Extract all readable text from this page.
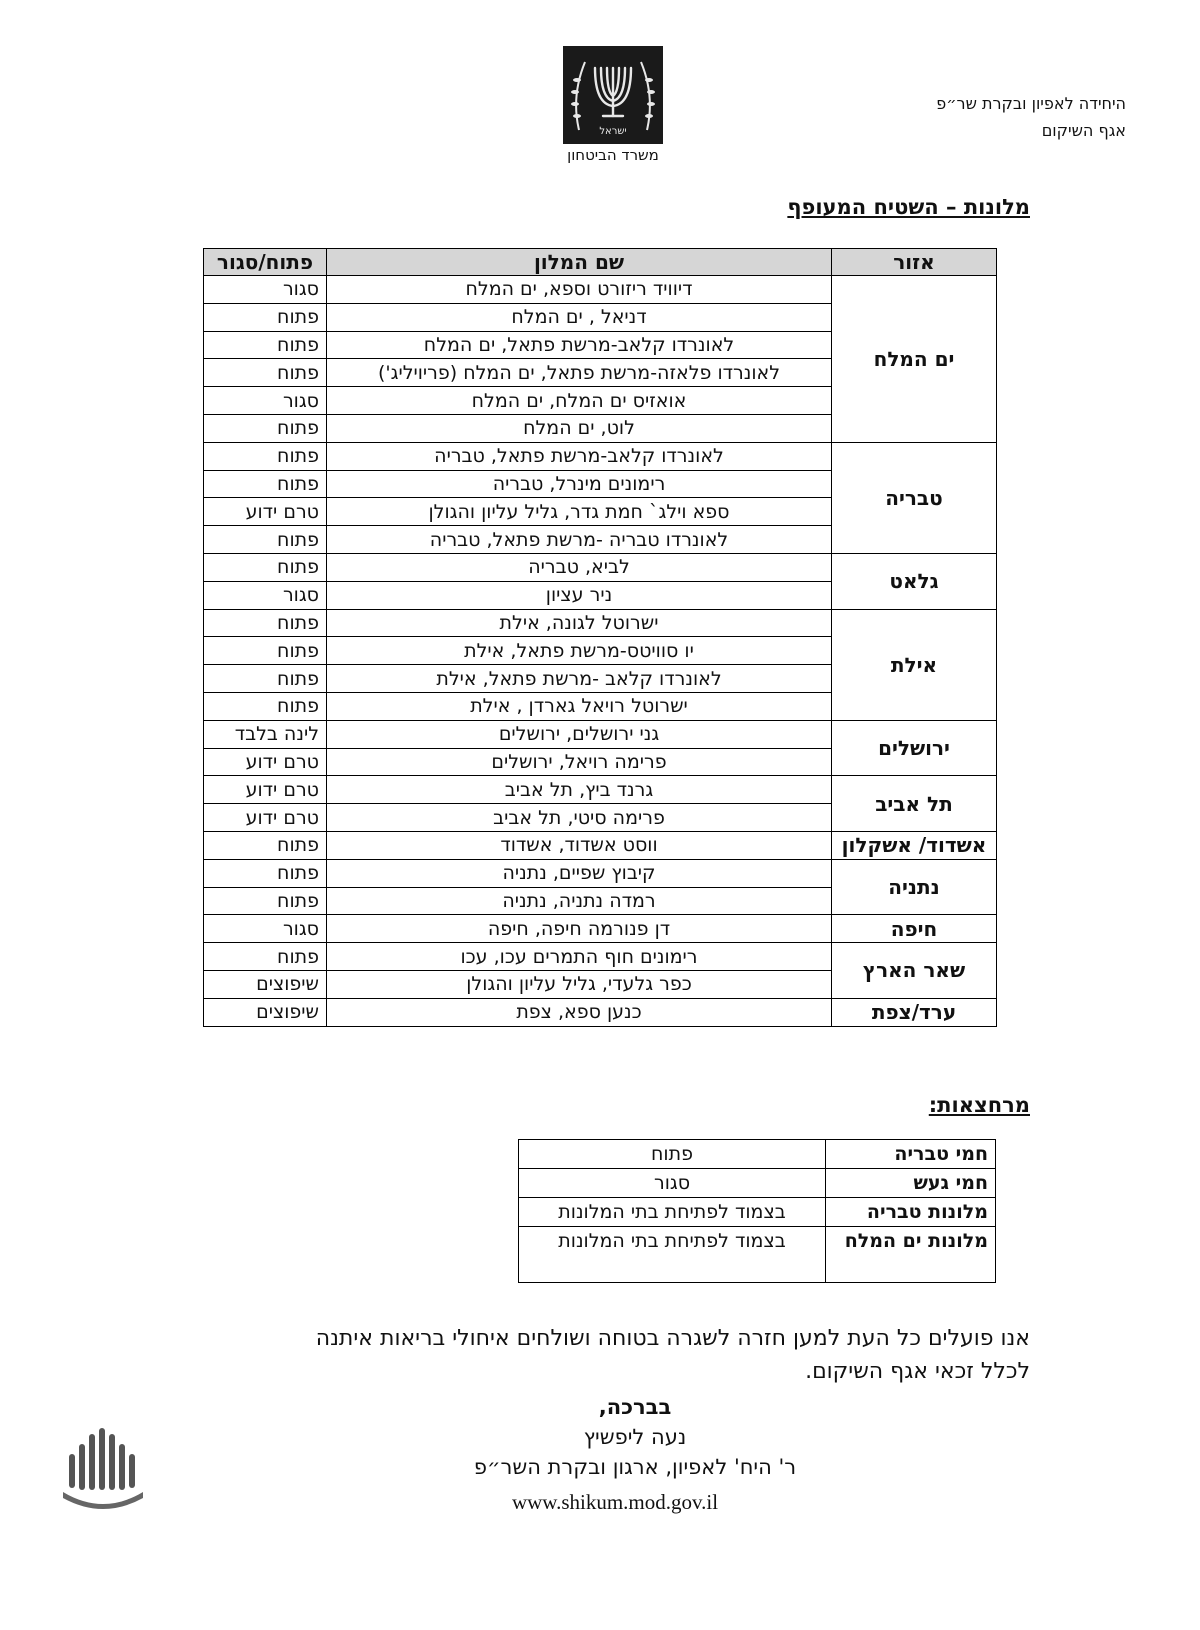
ישראל
משרד הביטחון
היחידה לאפיון ובקרת שר״פ
אגף השיקום
מלונות – השטיח המעופף
אזור	שם המלון	פתוח/סגור
ים המלח	דיוויד ריזורט וספא, ים המלח	סגור
	דניאל , ים המלח	פתוח
	לאונרדו קלאב-מרשת פתאל, ים המלח	פתוח
	לאונרדו פלאזה-מרשת פתאל, ים המלח (פריויליג')	פתוח
	אואזיס ים המלח, ים המלח	סגור
	לוט, ים המלח	פתוח
טבריה	לאונרדו קלאב-מרשת פתאל, טבריה	פתוח
	רימונים מינרל, טבריה	פתוח
	ספא וילג` חמת גדר, גליל עליון והגולן	טרם ידוע
	לאונרדו טבריה -מרשת פתאל, טבריה	פתוח
גלאט	לביא, טבריה	פתוח
	ניר עציון	סגור
אילת	ישרוטל לגונה, אילת	פתוח
	יו סוויטס-מרשת פתאל, אילת	פתוח
	לאונרדו קלאב -מרשת פתאל, אילת	פתוח
	ישרוטל רויאל גארדן , אילת	פתוח
ירושלים	גני ירושלים, ירושלים	לינה בלבד
	פרימה רויאל, ירושלים	טרם ידוע
תל אביב	גרנד ביץ, תל אביב	טרם ידוע
	פרימה סיטי, תל אביב	טרם ידוע
אשדוד/ אשקלון	ווסט אשדוד, אשדוד	פתוח
נתניה	קיבוץ שפיים, נתניה	פתוח
	רמדה נתניה, נתניה	פתוח
חיפה	דן פנורמה חיפה, חיפה	סגור
שאר הארץ	רימונים חוף התמרים עכו, עכו	פתוח
	כפר גלעדי, גליל עליון והגולן	שיפוצים
ערד/צפת	כנען ספא, צפת	שיפוצים
מרחצאות:
חמי טבריה	פתוח
חמי געש	סגור
מלונות טבריה	בצמוד לפתיחת בתי המלונות
מלונות ים המלח	בצמוד לפתיחת בתי המלונות
אנו פועלים כל העת למען חזרה לשגרה בטוחה ושולחים איחולי בריאות איתנה
לכלל זכאי אגף השיקום.
בברכה,
נעה ליפשיץ
ר' היח' לאפיון, ארגון ובקרת השר״פ
www.shikum.mod.gov.il
